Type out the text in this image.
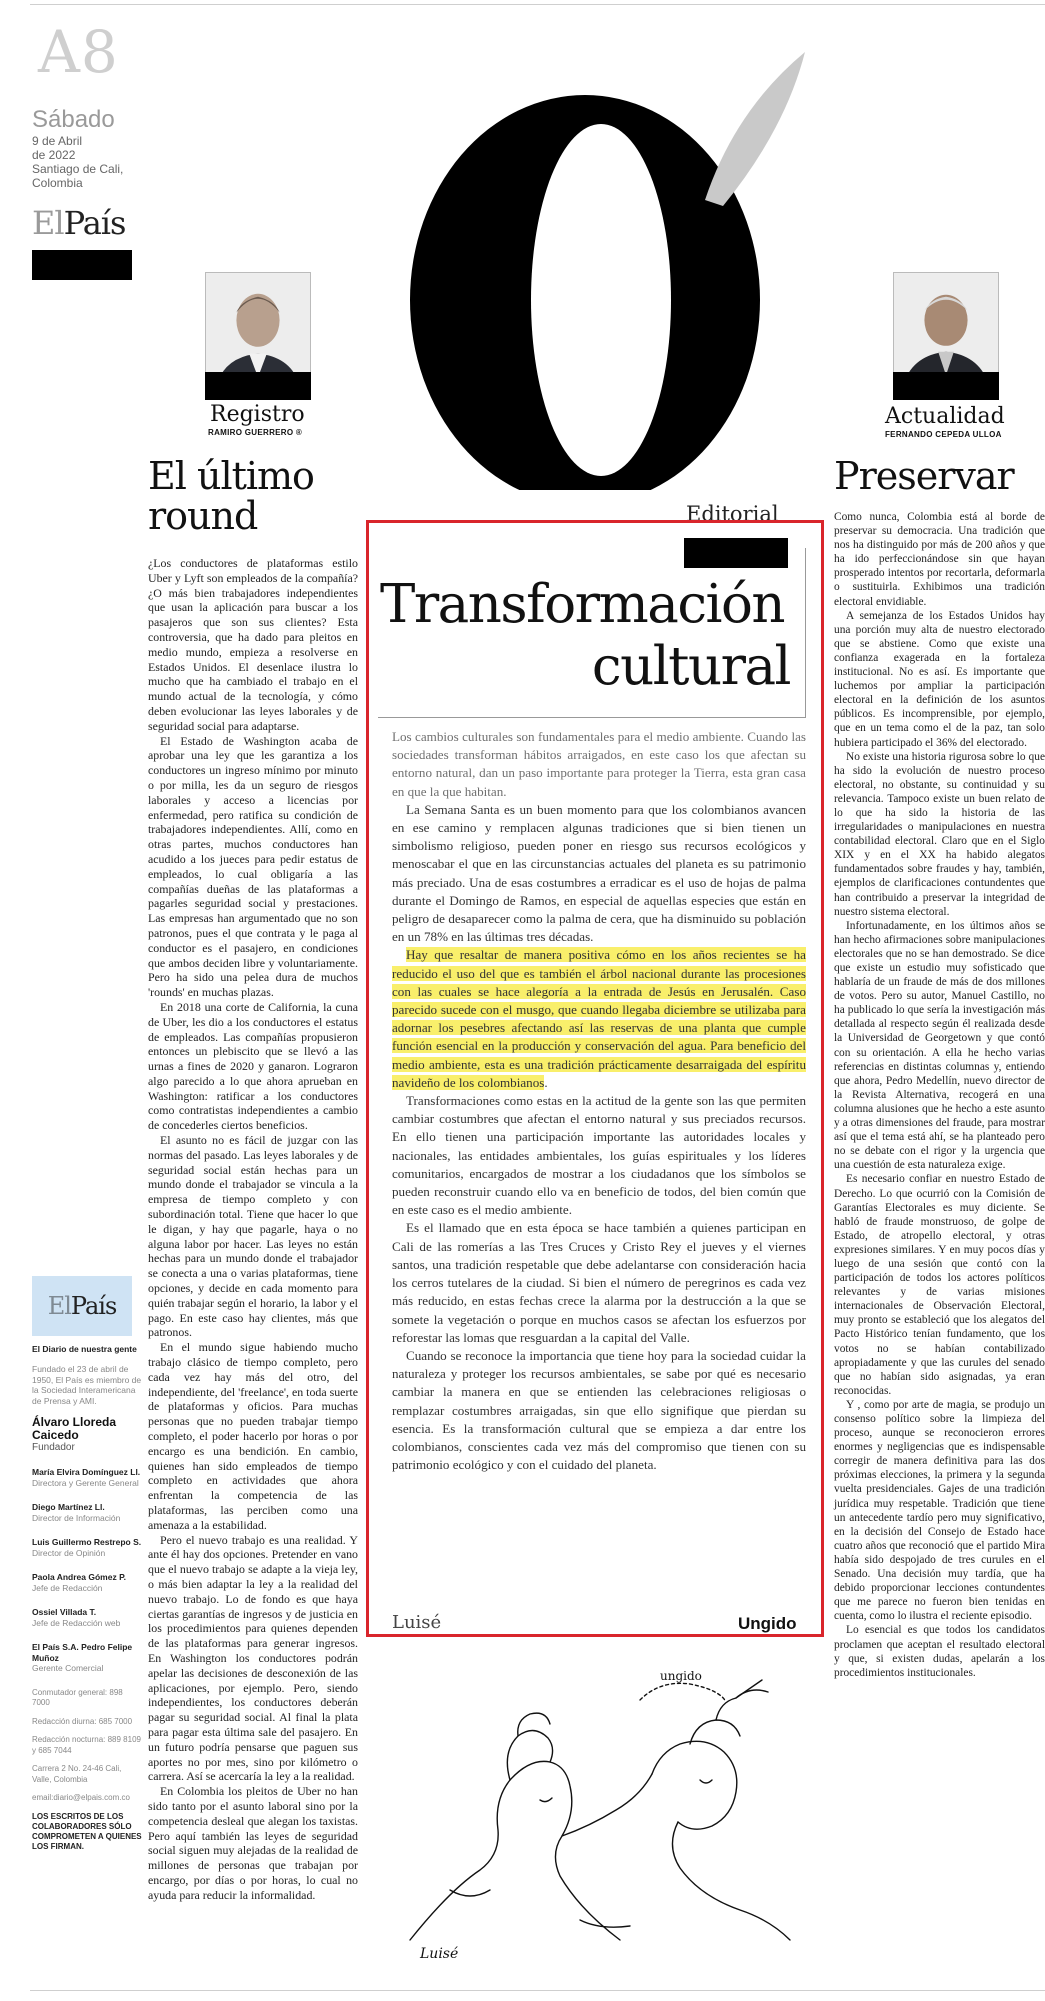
A8
Sábado
9 de Abril
de 2022
Santiago de Cali,
Colombia
ElPaís
Registro
RAMIRO GUERRERO ®
Actualidad
FERNANDO CEPEDA ULLOA
El último
round

¿Los conductores de plataformas estilo Uber y Lyft son empleados de la compañía? ¿O más bien trabajadores independientes que usan la aplicación para buscar a los pasajeros que son sus clientes? Esta controversia, que ha dado para pleitos en medio mundo, empieza a resolverse en Estados Unidos. El desenlace ilustra lo mucho que ha cambiado el trabajo en el mundo actual de la tecnología, y cómo deben evolucionar las leyes laborales y de seguridad social para adaptarse.

El Estado de Washington acaba de aprobar una ley que les garantiza a los conductores un ingreso mínimo por minuto o por milla, les da un seguro de riesgos laborales y acceso a licencias por enfermedad, pero ratifica su condición de trabajadores independientes. Allí, como en otras partes, muchos conductores han acudido a los jueces para pedir estatus de empleados, lo cual obligaría a las compañías dueñas de las plataformas a pagarles seguridad social y prestaciones. Las empresas han argumentado que no son patronos, pues el que contrata y le paga al conductor es el pasajero, en condiciones que ambos deciden libre y voluntariamente. Pero ha sido una pelea dura de muchos 'rounds' en muchas plazas.

En 2018 una corte de California, la cuna de Uber, les dio a los conductores el estatus de empleados. Las compañías propusieron entonces un plebiscito que se llevó a las urnas a fines de 2020 y ganaron. Lograron algo parecido a lo que ahora aprueban en Washington: ratificar a los conductores como contratistas independientes a cambio de concederles ciertos beneficios.

El asunto no es fácil de juzgar con las normas del pasado. Las leyes laborales y de seguridad social están hechas para un mundo donde el trabajador se vincula a la empresa de tiempo completo y con subordinación total. Tiene que hacer lo que le digan, y hay que pagarle, haya o no alguna labor por hacer. Las leyes no están hechas para un mundo donde el trabajador se conecta a una o varias plataformas, tiene opciones, y decide en cada momento para quién trabajar según el horario, la labor y el pago. En este caso hay clientes, más que patronos.

En el mundo sigue habiendo mucho trabajo clásico de tiempo completo, pero cada vez hay más del otro, del independiente, del 'freelance', en toda suerte de plataformas y oficios. Para muchas personas que no pueden trabajar tiempo completo, el poder hacerlo por horas o por encargo es una bendición. En cambio, quienes han sido empleados de tiempo completo en actividades que ahora enfrentan la competencia de las plataformas, las perciben como una amenaza a la estabilidad.

Pero el nuevo trabajo es una realidad. Y ante él hay dos opciones. Pretender en vano que el nuevo trabajo se adapte a la vieja ley, o más bien adaptar la ley a la realidad del nuevo trabajo. Lo de fondo es que haya ciertas garantías de ingresos y de justicia en los procedimientos para quienes dependen de las plataformas para generar ingresos. En Washington los conductores podrán apelar las decisiones de desconexión de las aplicaciones, por ejemplo. Pero, siendo independientes, los conductores deberán pagar su seguridad social. Al final la plata para pagar esta última sale del pasajero. En un futuro podría pensarse que paguen sus aportes no por mes, sino por kilómetro o carrera. Así se acercaría la ley a la realidad.

En Colombia los pleitos de Uber no han sido tanto por el asunto laboral sino por la competencia desleal que alegan los taxistas. Pero aquí también las leyes de seguridad social siguen muy alejadas de la realidad de millones de personas que trabajan por encargo, por días o por horas, lo cual no ayuda para reducir la informalidad.

Editorial
Transformación
cultural

Los cambios culturales son fundamentales para el medio ambiente. Cuando las sociedades transforman hábitos arraigados, en este caso los que afectan su entorno natural, dan un paso importante para proteger la Tierra, esta gran casa en que la que habitan.

La Semana Santa es un buen momento para que los colombianos avancen en ese camino y remplacen algunas tradiciones que si bien tienen un simbolismo religioso, pueden poner en riesgo sus recursos ecológicos y menoscabar el que en las circunstancias actuales del planeta es su patrimonio más preciado. Una de esas costumbres a erradicar es el uso de hojas de palma durante el Domingo de Ramos, en especial de aquellas especies que están en peligro de desaparecer como la palma de cera, que ha disminuido su población en un 78% en las últimas tres décadas.

Hay que resaltar de manera positiva cómo en los años recientes se ha reducido el uso del que es también el árbol nacional durante las procesiones con las cuales se hace alegoría a la entrada de Jesús en Jerusalén. Caso parecido sucede con el musgo, que cuando llegaba diciembre se utilizaba para adornar los pesebres afectando así las reservas de una planta que cumple función esencial en la producción y conservación del agua. Para beneficio del medio ambiente, esta es una tradición prácticamente desarraigada del espíritu navideño de los colombianos.

Transformaciones como estas en la actitud de la gente son las que permiten cambiar costumbres que afectan el entorno natural y sus preciados recursos. En ello tienen una participación importante las autoridades locales y nacionales, las entidades ambientales, los guías espirituales y los líderes comunitarios, encargados de mostrar a los ciudadanos que los símbolos se pueden reconstruir cuando ello va en beneficio de todos, del bien común que en este caso es el medio ambiente.

Es el llamado que en esta época se hace también a quienes participan en Cali de las romerías a las Tres Cruces y Cristo Rey el jueves y el viernes santos, una tradición respetable que debe adelantarse con consideración hacia los cerros tutelares de la ciudad. Si bien el número de peregrinos es cada vez más reducido, en estas fechas crece la alarma por la destrucción a la que se somete la vegetación o porque en muchos casos se afectan los esfuerzos por reforestar las lomas que resguardan a la capital del Valle.

Cuando se reconoce la importancia que tiene hoy para la sociedad cuidar la naturaleza y proteger los recursos ambientales, se sabe por qué es necesario cambiar la manera en que se entienden las celebraciones religiosas o remplazar costumbres arraigadas, sin que ello signifique que pierdan su esencia. Es la transformación cultural que se empieza a dar entre los colombianos, conscientes cada vez más del compromiso que tienen con su patrimonio ecológico y con el cuidado del planeta.

Luisé	Ungido
ungido
Luisé
Preservar

Como nunca, Colombia está al borde de preservar su democracia. Una tradición que nos ha distinguido por más de 200 años y que ha ido perfeccionándose sin que hayan prosperado intentos por recortarla, deformarla o sustituirla. Exhibimos una tradición electoral envidiable.

A semejanza de los Estados Unidos hay una porción muy alta de nuestro electorado que se abstiene. Como que existe una confianza exagerada en la fortaleza institucional. No es así. Es importante que luchemos por ampliar la participación electoral en la definición de los asuntos públicos. Es incomprensible, por ejemplo, que en un tema como el de la paz, tan solo hubiera participado el 36% del electorado.

No existe una historia rigurosa sobre lo que ha sido la evolución de nuestro proceso electoral, no obstante, su continuidad y su relevancia. Tampoco existe un buen relato de lo que ha sido la historia de las irregularidades o manipulaciones en nuestra contabilidad electoral. Claro que en el Siglo XIX y en el XX ha habido alegatos fundamentados sobre fraudes y hay, también, ejemplos de clarificaciones contundentes que han contribuido a preservar la integridad de nuestro sistema electoral.

Infortunadamente, en los últimos años se han hecho afirmaciones sobre manipulaciones electorales que no se han demostrado. Se dice que existe un estudio muy sofisticado que hablaría de un fraude de más de dos millones de votos. Pero su autor, Manuel Castillo, no ha publicado lo que sería la investigación más detallada al respecto según él realizada desde la Universidad de Georgetown y que contó con su orientación. A ella he hecho varias referencias en distintas columnas y, entiendo que ahora, Pedro Medellín, nuevo director de la Revista Alternativa, recogerá en una columna alusiones que he hecho a este asunto y a otras dimensiones del fraude, para mostrar así que el tema está ahí, se ha planteado pero no se debate con el rigor y la urgencia que una cuestión de esta naturaleza exige.

Es necesario confiar en nuestro Estado de Derecho. Lo que ocurrió con la Comisión de Garantías Electorales es muy diciente. Se habló de fraude monstruoso, de golpe de Estado, de atropello electoral, y otras expresiones similares. Y en muy pocos días y luego de una sesión que contó con la participación de todos los actores políticos relevantes y de varias misiones internacionales de Observación Electoral, muy pronto se estableció que los alegatos del Pacto Histórico tenían fundamento, que los votos no se habían contabilizado apropiadamente y que las curules del senado que no habían sido asignadas, ya eran reconocidas.

Y , como por arte de magia, se produjo un consenso político sobre la limpieza del proceso, aunque se reconocieron errores enormes y negligencias que es indispensable corregir de manera definitiva para las dos próximas elecciones, la primera y la segunda vuelta presidenciales. Gajes de una tradición jurídica muy respetable. Tradición que tiene un antecedente tardío pero muy significativo, en la decisión del Consejo de Estado hace cuatro años que reconoció que el partido Mira había sido despojado de tres curules en el Senado. Una decisión muy tardía, que ha debido proporcionar lecciones contundentes que me parece no fueron bien tenidas en cuenta, como lo ilustra el reciente episodio.

Lo esencial es que todos los candidatos proclamen que aceptan el resultado electoral y que, si existen dudas, apelarán a los procedimientos institucionales.

ElPaís
El Diario de nuestra gente
Fundado el 23 de abril de 1950, El País es miembro de la Sociedad Interamericana de Prensa y AMI.
Álvaro Lloreda Caicedo
Fundador
María Elvira Domínguez Ll.
Directora y Gerente General
Diego Martínez Ll.
Director de Información
Luis Guillermo Restrepo S.
Director de Opinión
Paola Andrea Gómez P.
Jefe de Redacción
Ossiel Villada T.
Jefe de Redacción web
El País S.A. Pedro Felipe Muñoz
Gerente Comercial
Conmutador general: 898 7000
Redacción diurna: 685 7000
Redacción nocturna: 889 8109 y 685 7044
Carrera 2 No. 24-46 Cali, Valle, Colombia
email:diario@elpais.com.co
LOS ESCRITOS DE LOS COLABORADORES SÓLO COMPROMETEN A QUIENES LOS FIRMAN.
